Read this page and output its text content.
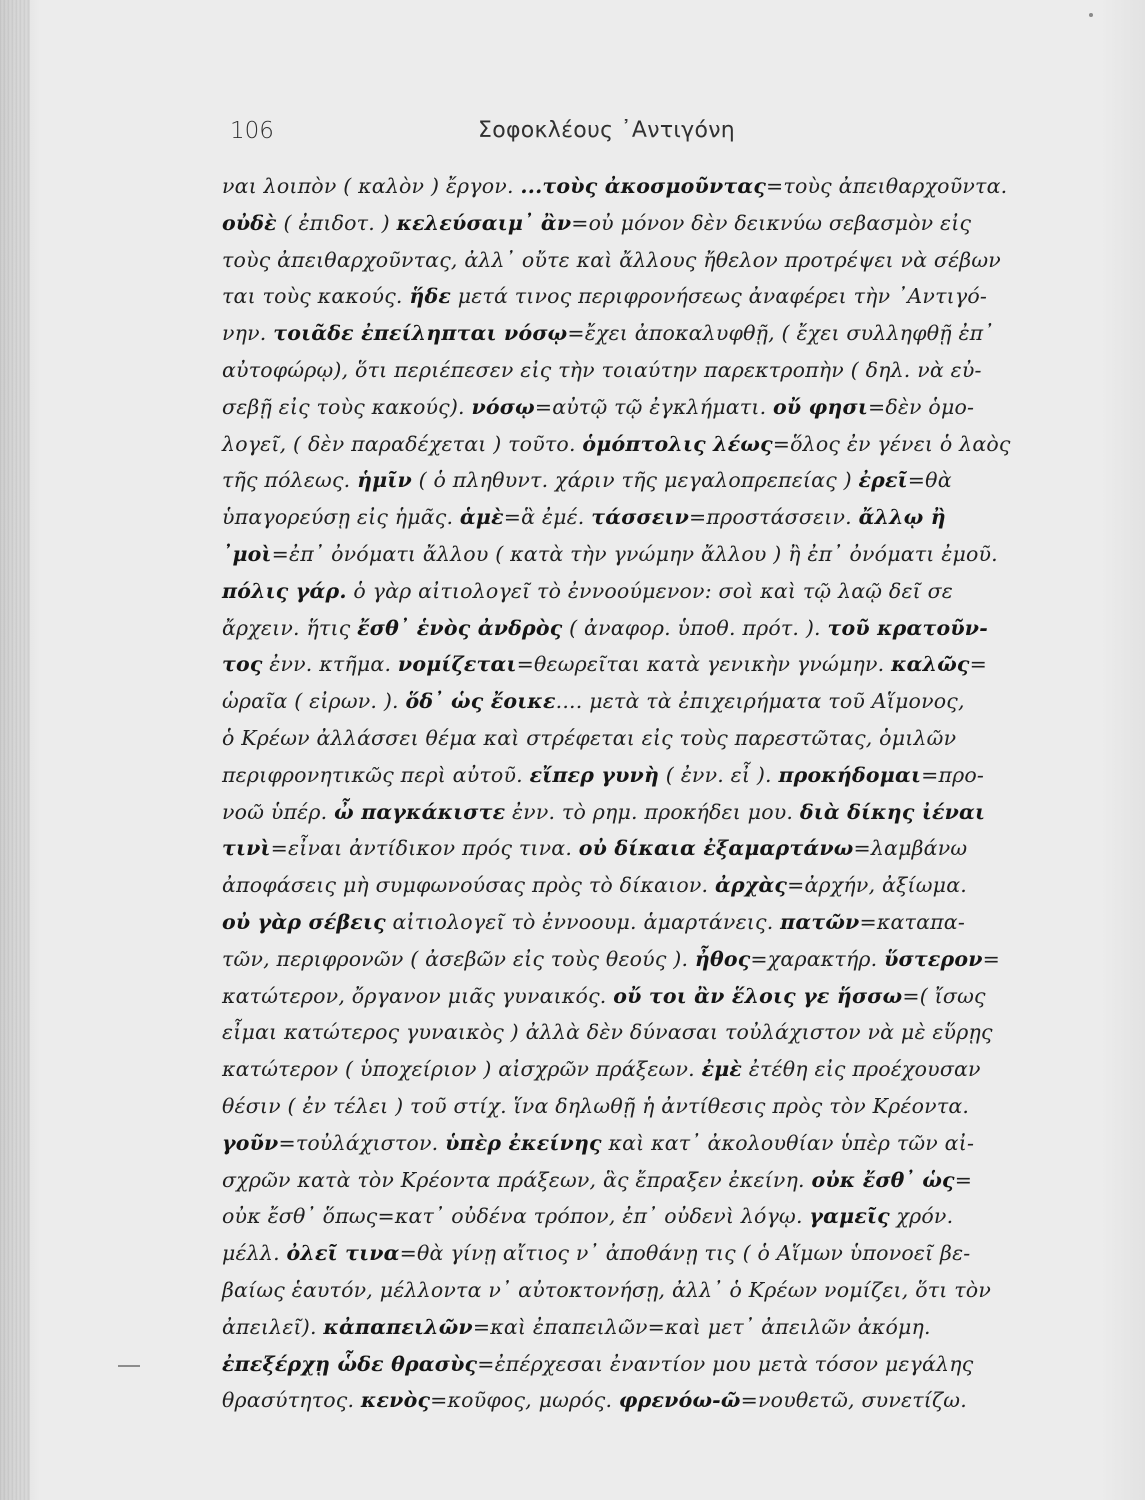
106	Σοφοκλέους ᾽Αντιγόνη
ναι λοιπὸν ( καλὸν ) ἔργον. ...τοὺς ἀκοσμοῦντας=τοὺς ἀπειθαρχοῦντα.
οὐδὲ ( ἐπιδοτ. ) κελεύσαιμ᾽ ἂν=οὐ μόνον δὲν δεικνύω σεβασμὸν εἰς
τοὺς ἀπειθαρχοῦντας, ἀλλ᾽ οὔτε καὶ ἄλλους ἤθελον προτρέψει νὰ σέβων
ται τοὺς κακούς. ἥδε μετά τινος περιφρονήσεως ἀναφέρει τὴν ᾽Αντιγό-
νην. τοιᾶδε ἐπείληπται νόσῳ=ἔχει ἀποκαλυφθῇ, ( ἔχει συλληφθῇ ἐπ᾽
αὐτοφώρῳ), ὅτι περιέπεσεν εἰς τὴν τοιαύτην παρεκτροπὴν ( δηλ. νὰ εὐ-
σεβῇ εἰς τοὺς κακούς). νόσῳ=αὐτῷ τῷ ἐγκλήματι. οὔ φησι=δὲν ὁμο-
λογεῖ, ( δὲν παραδέχεται ) τοῦτο. ὁμόπτολις λέως=ὅλος ἐν γένει ὁ λαὸς
τῆς πόλεως. ἡμῖν ( ὁ πληθυντ. χάριν τῆς μεγαλοπρεπείας ) ἐρεῖ=θὰ
ὑπαγορεύσῃ εἰς ἡμᾶς. ἁμὲ=ἃ ἐμέ. τάσσειν=προστάσσειν. ἄλλῳ ἢ
᾽μοὶ=ἐπ᾽ ὀνόματι ἄλλου ( κατὰ τὴν γνώμην ἄλλου ) ἢ ἐπ᾽ ὀνόματι ἐμοῦ.
πόλις γάρ. ὁ γὰρ αἰτιολογεῖ τὸ ἐννοούμενον: σοὶ καὶ τῷ λαῷ δεῖ σε
ἄρχειν. ἥτις ἔσθ᾽ ἑνὸς ἀνδρὸς ( ἀναφορ. ὑποθ. πρότ. ). τοῦ κρατοῦν-
τος ἐνν. κτῆμα. νομίζεται=θεωρεῖται κατὰ γενικὴν γνώμην. καλῶς=
ὡραῖα ( εἰρων. ). ὅδ᾽ ὡς ἔοικε.... μετὰ τὰ ἐπιχειρήματα τοῦ Αἵμονος,
ὁ Κρέων ἀλλάσσει θέμα καὶ στρέφεται εἰς τοὺς παρεστῶτας, ὁμιλῶν
περιφρονητικῶς περὶ αὐτοῦ. εἴπερ γυνὴ ( ἐνν. εἶ ). προκήδομαι=προ-
νοῶ ὑπέρ. ὦ παγκάκιστε ἐνν. τὸ ρημ. προκήδει μου. διὰ δίκης ἰέναι
τινὶ=εἶναι ἀντίδικον πρός τινα. οὐ δίκαια ἐξαμαρτάνω=λαμβάνω
ἀποφάσεις μὴ συμφωνούσας πρὸς τὸ δίκαιον. ἀρχὰς=ἀρχήν, ἀξίωμα.
οὐ γὰρ σέβεις αἰτιολογεῖ τὸ ἐννοουμ. ἁμαρτάνεις. πατῶν=καταπα-
τῶν, περιφρονῶν ( ἀσεβῶν εἰς τοὺς θεούς ). ἦθος=χαρακτήρ. ὕστερον=
κατώτερον, ὄργανον μιᾶς γυναικός. οὔ τοι ἂν ἕλοις γε ἥσσω=( ἴσως
εἶμαι κατώτερος γυναικὸς ) ἀλλὰ δὲν δύνασαι τοὐλάχιστον νὰ μὲ εὕρῃς
κατώτερον ( ὑποχείριον ) αἰσχρῶν πράξεων. ἐμὲ ἐτέθη εἰς προέχουσαν
θέσιν ( ἐν τέλει ) τοῦ στίχ. ἵνα δηλωθῇ ἡ ἀντίθεσις πρὸς τὸν Κρέοντα.
γοῦν=τοὐλάχιστον. ὑπὲρ ἐκείνης καὶ κατ᾽ ἀκολουθίαν ὑπὲρ τῶν αἰ-
σχρῶν κατὰ τὸν Κρέοντα πράξεων, ἃς ἔπραξεν ἐκείνη. οὐκ ἔσθ᾽ ὡς=
οὐκ ἔσθ᾽ ὅπως=κατ᾽ οὐδένα τρόπον, ἐπ᾽ οὐδενὶ λόγῳ. γαμεῖς χρόν.
μέλλ. ὀλεῖ τινα=θὰ γίνῃ αἴτιος ν᾽ ἀποθάνῃ τις ( ὁ Αἵμων ὑπονοεῖ βε-
βαίως ἑαυτόν, μέλλοντα ν᾽ αὐτοκτονήσῃ, ἀλλ᾽ ὁ Κρέων νομίζει, ὅτι τὸν
ἀπειλεῖ). κἀπαπειλῶν=καὶ ἐπαπειλῶν=καὶ μετ᾽ ἀπειλῶν ἀκόμη.
ἐπεξέρχῃ ὧδε θρασὺς=ἐπέρχεσαι ἐναντίον μου μετὰ τόσον μεγάλης
θρασύτητος. κενὸς=κοῦφος, μωρός. φρενόω-ῶ=νουθετῶ, συνετίζω.
